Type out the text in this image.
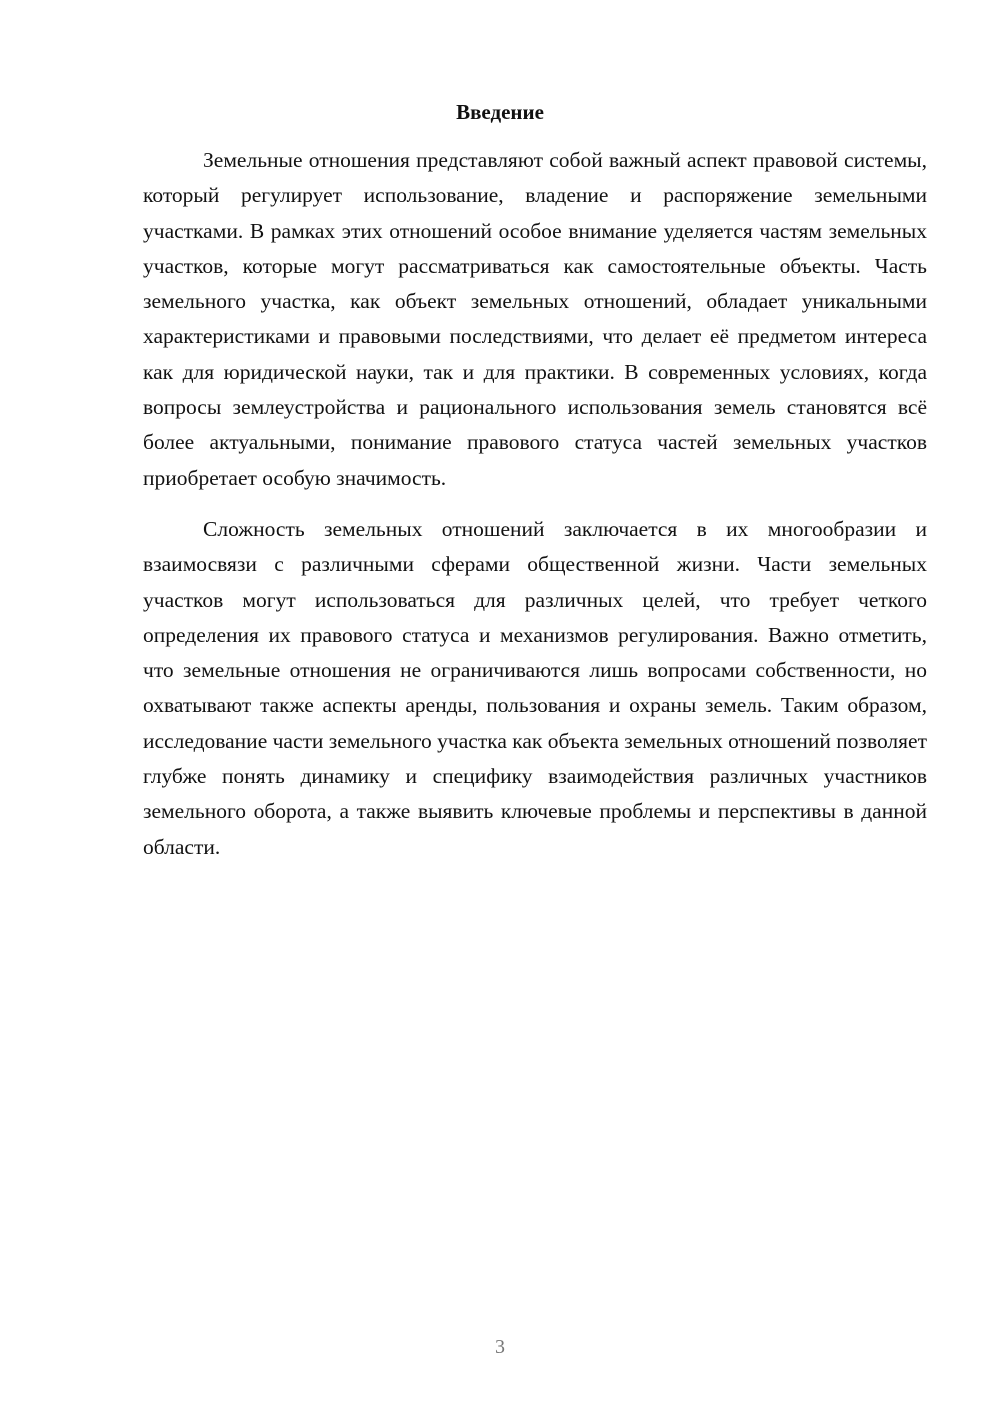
Введение

Земельные отношения представляют собой важный аспект правовой системы, который регулирует использование, владение и распоряжение земельными участками. В рамках этих отношений особое внимание уделяется частям земельных участков, которые могут рассматриваться как самостоятельные объекты. Часть земельного участка, как объект земельных отношений, обладает уникальными характеристиками и правовыми последствиями, что делает её предметом интереса как для юридической науки, так и для практики. В современных условиях, когда вопросы землеустройства и рационального использования земель становятся всё более актуальными, понимание правового статуса частей земельных участков приобретает особую значимость.

Сложность земельных отношений заключается в их многообразии и взаимосвязи с различными сферами общественной жизни. Части земельных участков могут использоваться для различных целей, что требует четкого определения их правового статуса и механизмов регулирования. Важно отметить, что земельные отношения не ограничиваются лишь вопросами собственности, но охватывают также аспекты аренды, пользования и охраны земель. Таким образом, исследование части земельного участка как объекта земельных отношений позволяет глубже понять динамику и специфику взаимодействия различных участников земельного оборота, а также выявить ключевые проблемы и перспективы в данной области.

3
